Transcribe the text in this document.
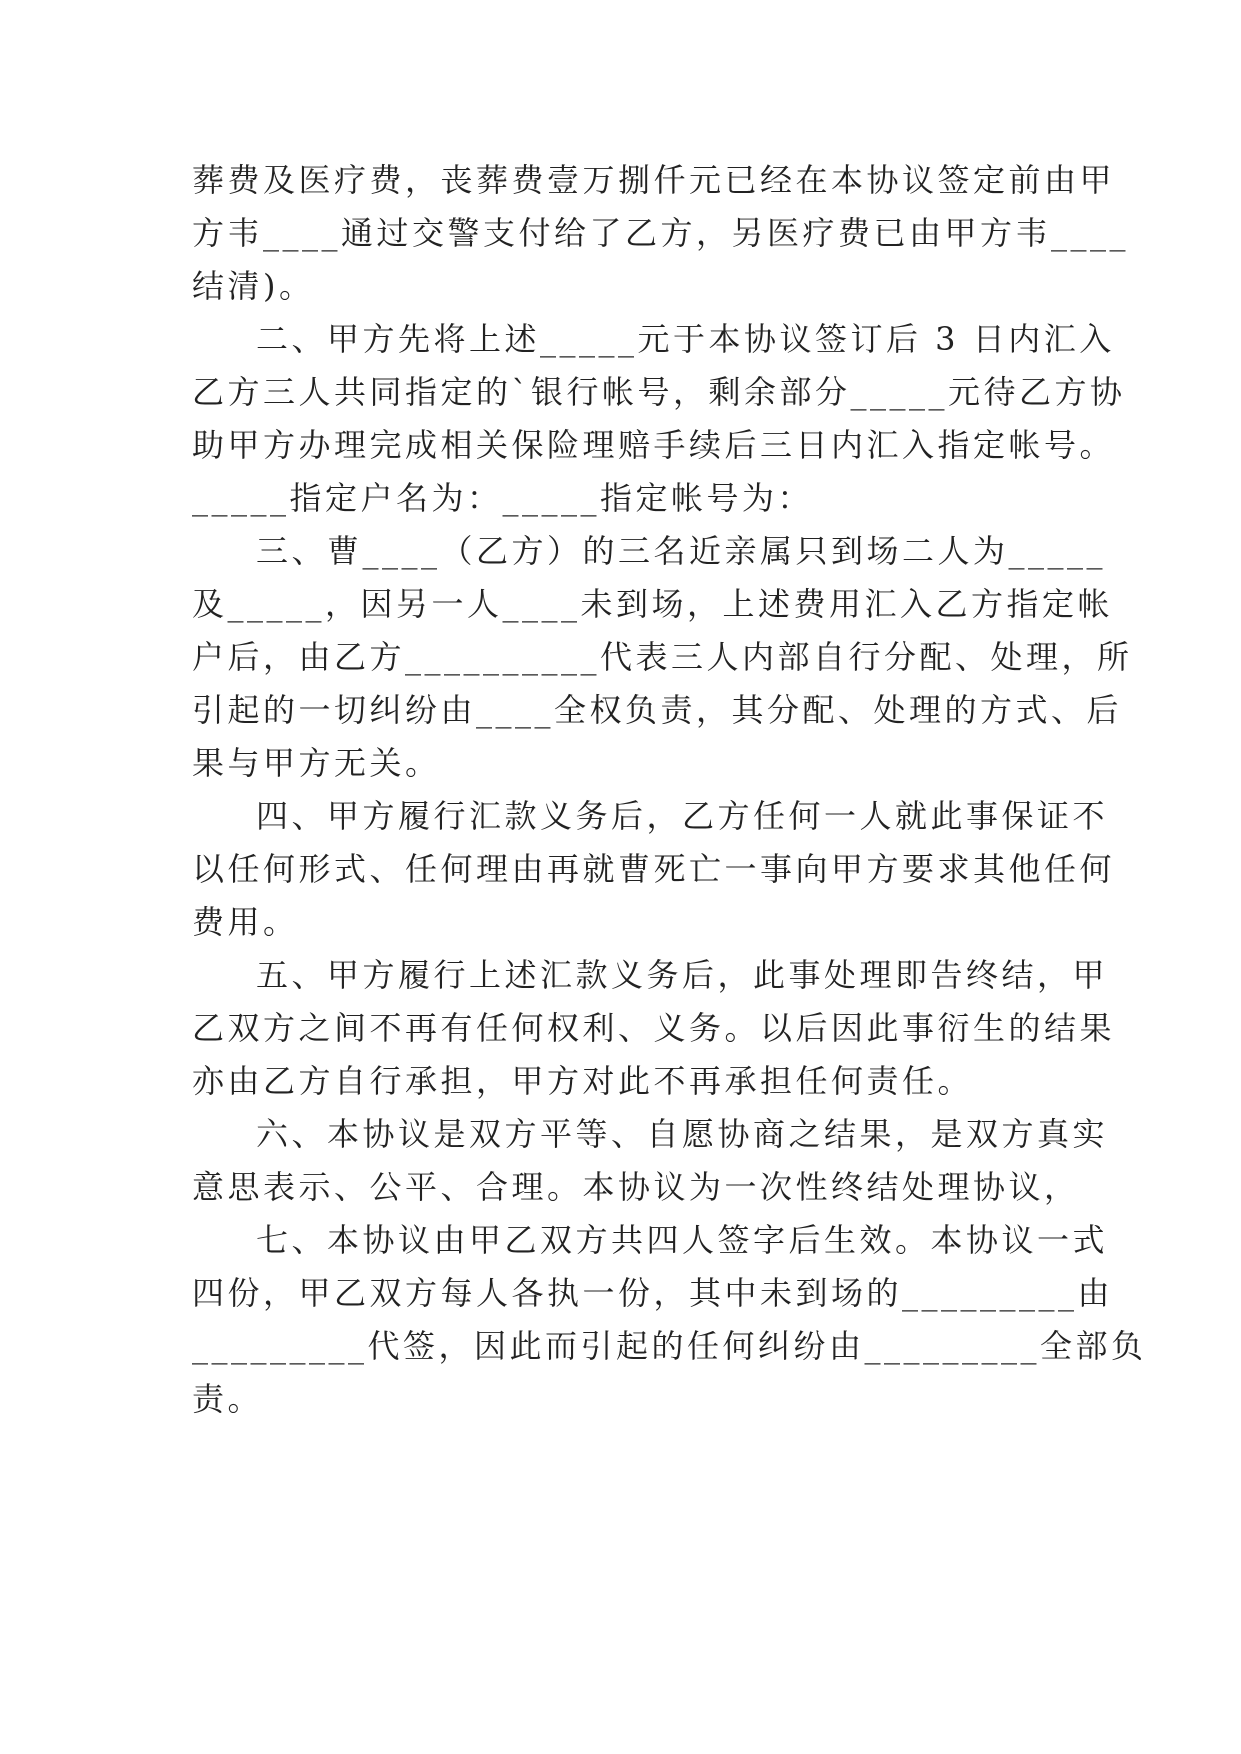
葬费及医疗费，丧葬费壹万捌仟元已经在本协议签定前由甲
方韦____通过交警支付给了乙方，另医疗费已由甲方韦____
结清)。
二、甲方先将上述_____元于本协议签订后 3 日内汇入
乙方三人共同指定的`银行帐号，剩余部分_____元待乙方协
助甲方办理完成相关保险理赔手续后三日内汇入指定帐号。
_____指定户名为：_____指定帐号为：
三、曹____（乙方）的三名近亲属只到场二人为_____
及_____，因另一人____未到场，上述费用汇入乙方指定帐
户后，由乙方__________代表三人内部自行分配、处理，所
引起的一切纠纷由____全权负责，其分配、处理的方式、后
果与甲方无关。
四、甲方履行汇款义务后，乙方任何一人就此事保证不
以任何形式、任何理由再就曹死亡一事向甲方要求其他任何
费用。
五、甲方履行上述汇款义务后，此事处理即告终结，甲
乙双方之间不再有任何权利、义务。以后因此事衍生的结果
亦由乙方自行承担，甲方对此不再承担任何责任。
六、本协议是双方平等、自愿协商之结果，是双方真实
意思表示、公平、合理。本协议为一次性终结处理协议，
七、本协议由甲乙双方共四人签字后生效。本协议一式
四份，甲乙双方每人各执一份，其中未到场的_________由
_________代签，因此而引起的任何纠纷由_________全部负
责。
